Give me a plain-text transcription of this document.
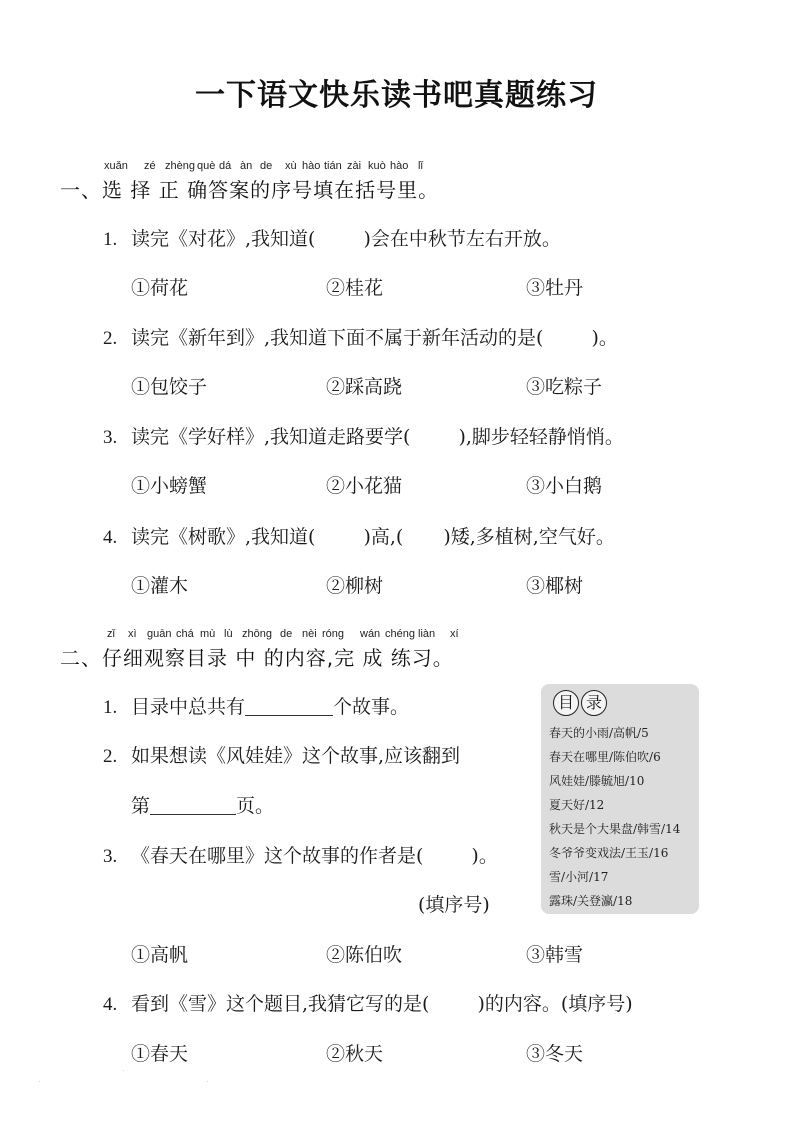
一下语文快乐读书吧真题练习
xuǎn zé zhèng què dá àn de xù hào tián zài kuò hào lǐ
一、选 择 正 确答案的序号填在括号里。
1. 读完《对花》,我知道(	)会在中秋节左右开放。
①荷花	②桂花	③牡丹
2. 读完《新年到》,我知道下面不属于新年活动的是(	)。
①包饺子	②踩高跷	③吃粽子
3. 读完《学好样》,我知道走路要学(	),脚步轻轻静悄悄。
①小螃蟹	②小花猫	③小白鹅
4. 读完《树歌》,我知道(	)高,( )矮,多植树,空气好。
①灌木	②柳树	③椰树
zǐ xì guān chá mù lù zhōng de nèi róng wán chéng liàn xí
二、仔细观察目录 中 的内容,完 成 练习。
1. 目录中总共有	个故事。
2. 如果想读《风娃娃》这个故事,应该翻到
第	页。
3. 《春天在哪里》这个故事的作者是(	)。
(填序号)
①高帆	②陈伯吹	③韩雪
4. 看到《雪》这个题目,我猜它写的是(	)的内容。(填序号)
①春天	②秋天	③冬天
目 录
春天的小雨/高帆/5
春天在哪里/陈伯吹/6
风娃娃/滕毓旭/10
夏天好/12
秋天是个大果盘/韩雪/14
冬爷爷变戏法/王玉/16
雪/小河/17
露珠/关登瀛/18
·
·
·
